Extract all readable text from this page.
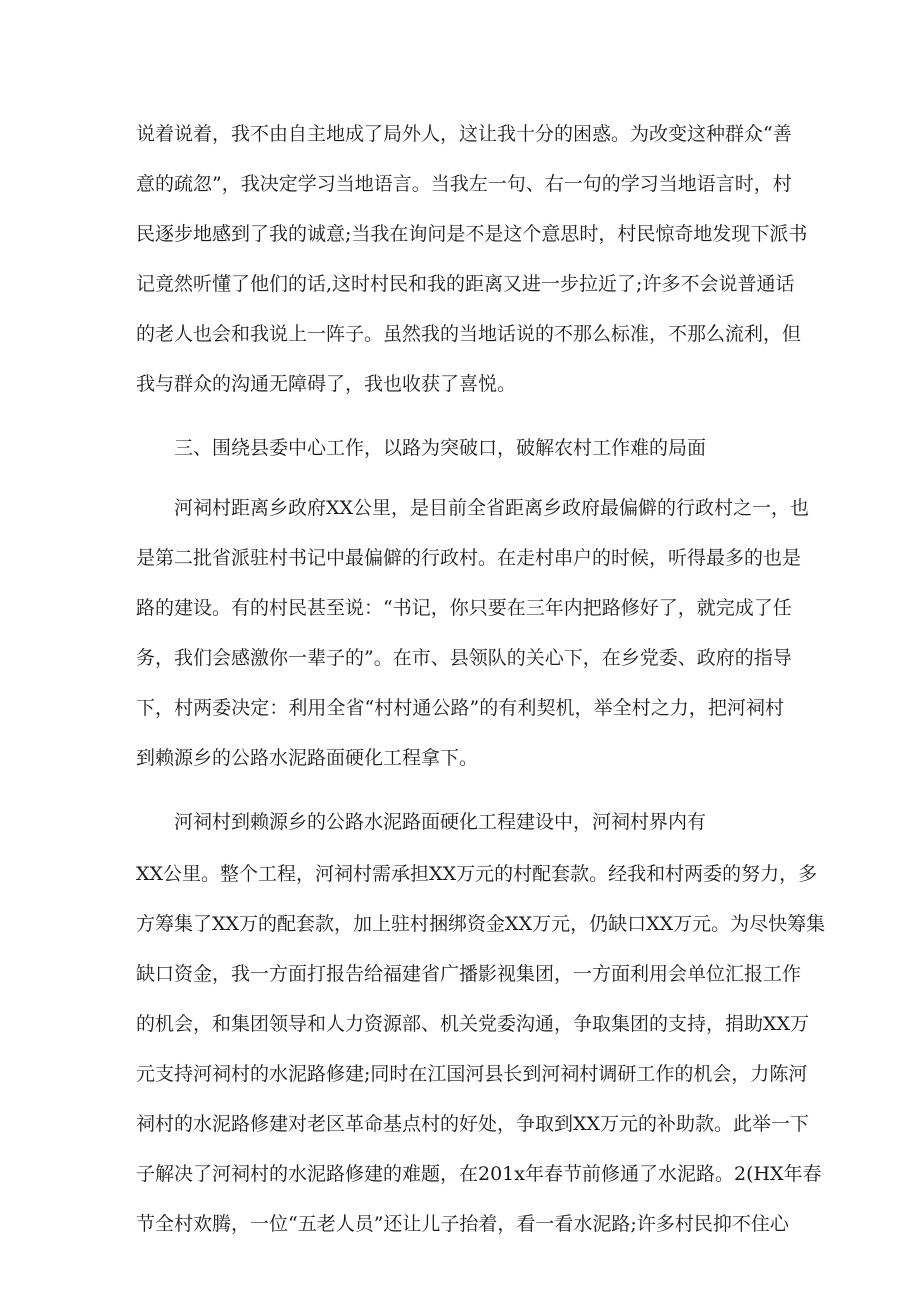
说着说着，我不由自主地成了局外人，这让我十分的困惑。为改变这种群众“善

意的疏忽”，我决定学习当地语言。当我左一句、右一句的学习当地语言时，村

民逐步地感到了我的诚意;当我在询问是不是这个意思时，村民惊奇地发现下派书

记竟然听懂了他们的话,这时村民和我的距离又进一步拉近了;许多不会说普通话

的老人也会和我说上一阵子。虽然我的当地话说的不那么标准，不那么流利，但

我与群众的沟通无障碍了，我也收获了喜悦。

三、围绕县委中心工作，以路为突破口，破解农村工作难的局面

河祠村距离乡政府XX公里，是目前全省距离乡政府最偏僻的行政村之一，也

是第二批省派驻村书记中最偏僻的行政村。在走村串户的时候，听得最多的也是

路的建设。有的村民甚至说：“书记，你只要在三年内把路修好了，就完成了任

务，我们会感激你一辈子的”。在市、县领队的关心下，在乡党委、政府的指导

下，村两委决定：利用全省“村村通公路”的有利契机，举全村之力，把河祠村

到赖源乡的公路水泥路面硬化工程拿下。

河祠村到赖源乡的公路水泥路面硬化工程建设中，河祠村界内有

XX公里。整个工程，河祠村需承担XX万元的村配套款。经我和村两委的努力，多

方筹集了XX万的配套款，加上驻村捆绑资金XX万元，仍缺口XX万元。为尽快筹集

缺口资金，我一方面打报告给福建省广播影视集团，一方面利用会单位汇报工作

的机会，和集团领导和人力资源部、机关党委沟通，争取集团的支持，捐助XX万

元支持河祠村的水泥路修建;同时在江国河县长到河祠村调研工作的机会，力陈河

祠村的水泥路修建对老区革命基点村的好处，争取到XX万元的补助款。此举一下

子解决了河祠村的水泥路修建的难题，在201x年春节前修通了水泥路。2(HX年春

节全村欢腾，一位“五老人员”还让儿子抬着，看一看水泥路;许多村民抑不住心
